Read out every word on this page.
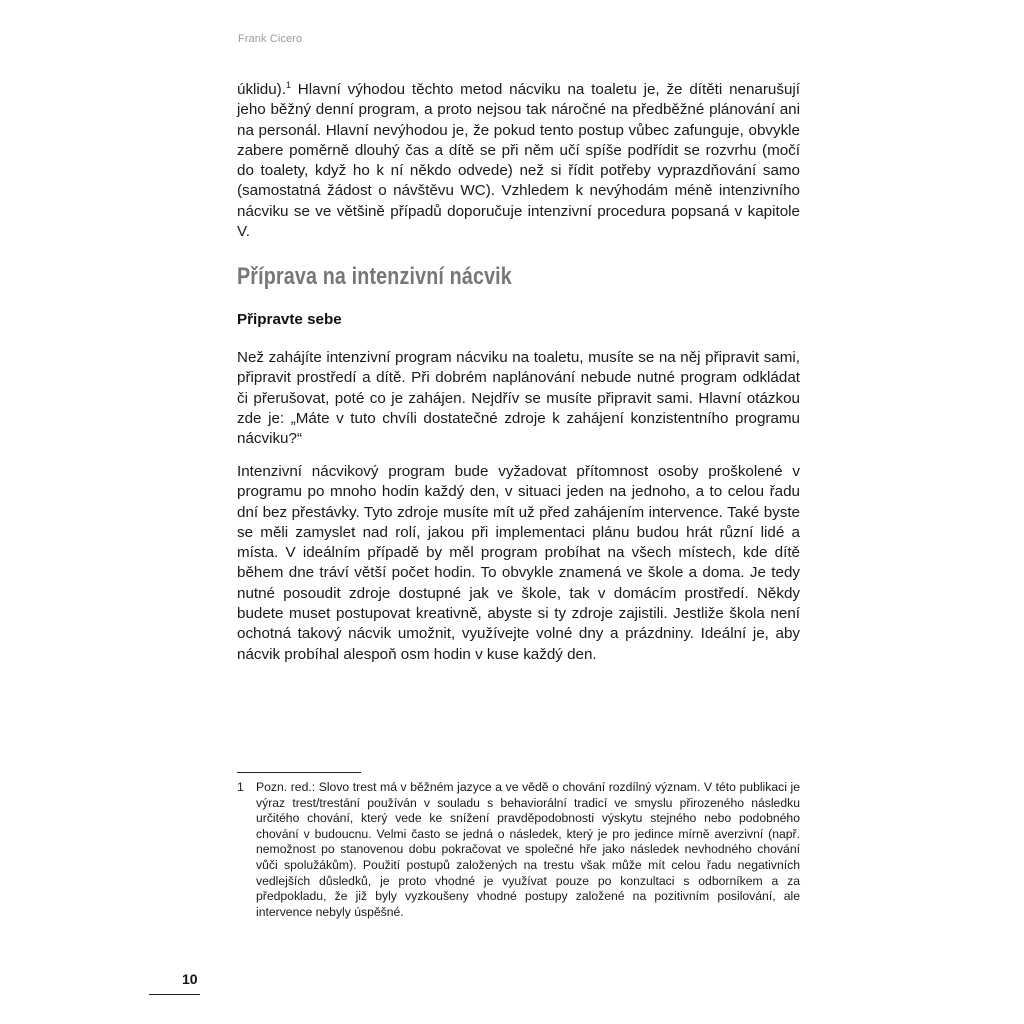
Frank Cicero
úklidu).$^1$ Hlavní výhodou těchto metod nácviku na toaletu je, že dítěti nenarušují jeho běžný denní program, a proto nejsou tak náročné na předběžné plánování ani na personál. Hlavní nevýhodou je, že pokud tento postup vůbec zafunguje, obvykle zabere poměrně dlouhý čas a dítě se při něm učí spíše podřídit se rozvrhu (močí do toalety, když ho k ní někdo odvede) než si řídit potřeby vyprazdňování samo (samostatná žádost o návštěvu WC). Vzhledem k nevýhodám méně intenzivního nácviku se ve většině případů doporučuje intenzivní procedura popsaná v kapitole V.
Příprava na intenzivní nácvik
Připravte sebe
Než zahájíte intenzivní program nácviku na toaletu, musíte se na něj připravit sami, připravit prostředí a dítě. Při dobrém naplánování nebude nutné program odkládat či přerušovat, poté co je zahájen. Nejdřív se musíte připravit sami. Hlavní otázkou zde je: „Máte v tuto chvíli dostatečné zdroje k zahájení konzistentního programu nácviku?“
Intenzivní nácvikový program bude vyžadovat přítomnost osoby proškolené v programu po mnoho hodin každý den, v situaci jeden na jednoho, a to celou řadu dní bez přestávky. Tyto zdroje musíte mít už před zahájením intervence. Také byste se měli zamyslet nad rolí, jakou při implementaci plánu budou hrát různí lidé a místa. V ideálním případě by měl program probíhat na všech místech, kde dítě během dne tráví větší počet hodin. To obvykle znamená ve škole a doma. Je tedy nutné posoudit zdroje dostupné jak ve škole, tak v domácím prostředí. Někdy budete muset postupovat kreativně, abyste si ty zdroje zajistili. Jestliže škola není ochotná takový nácvik umožnit, využívejte volné dny a prázdniny. Ideální je, aby nácvik probíhal alespoň osm hodin v kuse každý den.
1	Pozn. red.: Slovo trest má v běžném jazyce a ve vědě o chování rozdílný význam. V této publikaci je výraz trest/trestání používán v souladu s behaviorální tradicí ve smyslu přirozeného následku určitého chování, který vede ke snížení pravděpodobnosti výskytu stejného nebo podobného chování v budoucnu. Velmi často se jedná o následek, který je pro jedince mírně averzivní (např. nemožnost po stanovenou dobu pokračovat ve společné hře jako následek nevhodného chování vůči spolužákům). Použití postupů založených na trestu však může mít celou řadu negativních vedlejších důsledků, je proto vhodné je využívat pouze po konzultaci s odborníkem a za předpokladu, že již byly vyzkoušeny vhodné postupy založené na pozitivním posilování, ale intervence nebyly úspěšné.
10
